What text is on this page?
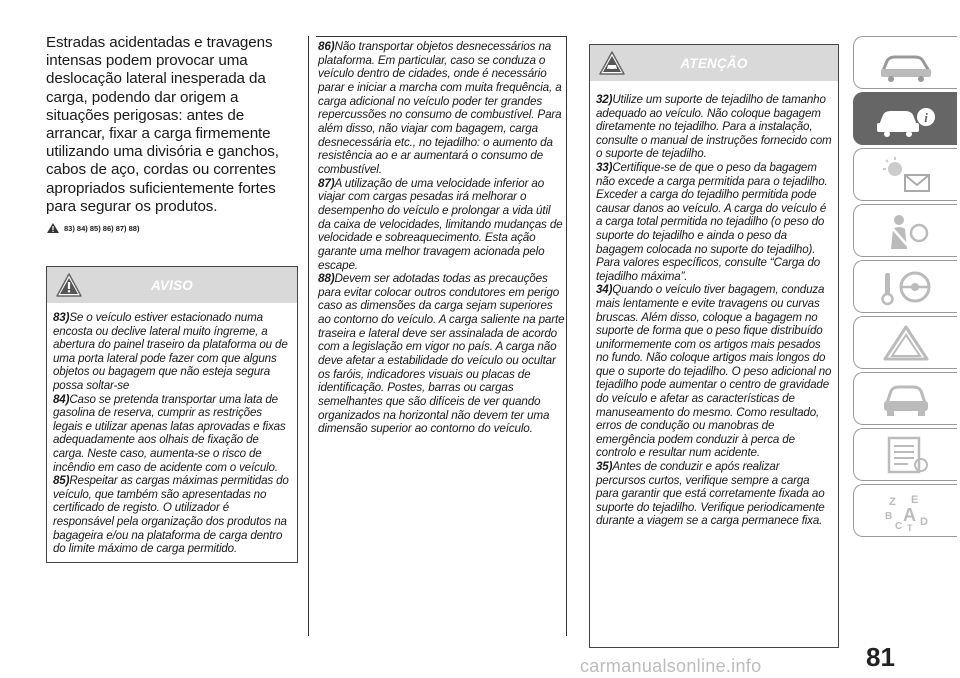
Estradas acidentadas e travagens intensas podem provocar uma deslocação lateral inesperada da carga, podendo dar origem a situações perigosas: antes de arrancar, fixar a carga firmemente utilizando uma divisória e ganchos, cabos de aço, cordas ou correntes apropriados suficientemente fortes para segurar os produtos.

83) 84) 85) 86) 87) 88)
AVISO

83)Se o veículo estiver estacionado numa encosta ou declive lateral muito íngreme, a abertura do painel traseiro da plataforma ou de uma porta lateral pode fazer com que alguns objetos ou bagagem que não esteja segura possa soltar-se

84)Caso se pretenda transportar uma lata de gasolina de reserva, cumprir as restrições legais e utilizar apenas latas aprovadas e fixas adequadamente aos olhais de fixação de carga. Neste caso, aumenta-se o risco de incêndio em caso de acidente com o veículo.

85)Respeitar as cargas máximas permitidas do veículo, que também são apresentadas no certificado de registo. O utilizador é responsável pela organização dos produtos na bagageira e/ou na plataforma de carga dentro do limite máximo de carga permitido.

86)Não transportar objetos desnecessários na plataforma. Em particular, caso se conduza o veículo dentro de cidades, onde é necessário parar e iniciar a marcha com muita frequência, a carga adicional no veículo poder ter grandes repercussões no consumo de combustível. Para além disso, não viajar com bagagem, carga desnecessária etc., no tejadilho: o aumento da resistência ao e ar aumentará o consumo de combustível.

87)A utilização de uma velocidade inferior ao viajar com cargas pesadas irá melhorar o desempenho do veículo e prolongar a vida útil da caixa de velocidades, limitando mudanças de velocidade e sobreaquecimento. Esta ação garante uma melhor travagem acionada pelo escape.

88)Devem ser adotadas todas as precauções para evitar colocar outros condutores em perigo caso as dimensões da carga sejam superiores ao contorno do veículo. A carga saliente na parte traseira e lateral deve ser assinalada de acordo com a legislação em vigor no país. A carga não deve afetar a estabilidade do veículo ou ocultar os faróis, indicadores visuais ou placas de identificação. Postes, barras ou cargas semelhantes que são difíceis de ver quando organizados na horizontal não devem ter uma dimensão superior ao contorno do veículo.

ATENÇÃO

32)Utilize um suporte de tejadilho de tamanho adequado ao veículo. Não coloque bagagem diretamente no tejadilho. Para a instalação, consulte o manual de instruções fornecido com o suporte de tejadilho.

33)Certifique-se de que o peso da bagagem não excede a carga permitida para o tejadilho. Exceder a carga do tejadilho permitida pode causar danos ao veículo. A carga do veículo é a carga total permitida no tejadilho (o peso do suporte do tejadilho e ainda o peso da bagagem colocada no suporte do tejadilho). Para valores específicos, consulte “Carga do tejadilho máxima”.

34)Quando o veículo tiver bagagem, conduza mais lentamente e evite travagens ou curvas bruscas. Além disso, coloque a bagagem no suporte de forma que o peso fique distribuído uniformemente com os artigos mais pesados no fundo. Não coloque artigos mais longos do que o suporte do tejadilho. O peso adicional no tejadilho pode aumentar o centro de gravidade do veículo e afetar as características de manuseamento do mesmo. Como resultado, erros de condução ou manobras de emergência podem conduzir à perca de controlo e resultar num acidente.

35)Antes de conduzir e após realizar percursos curtos, verifique sempre a carga para garantir que está corretamente fixada ao suporte do tejadilho. Verifique periodicamente durante a viagem se a carga permanece fixa.

i
Z E
B A
C D
T
81
carmanualsonline.info
